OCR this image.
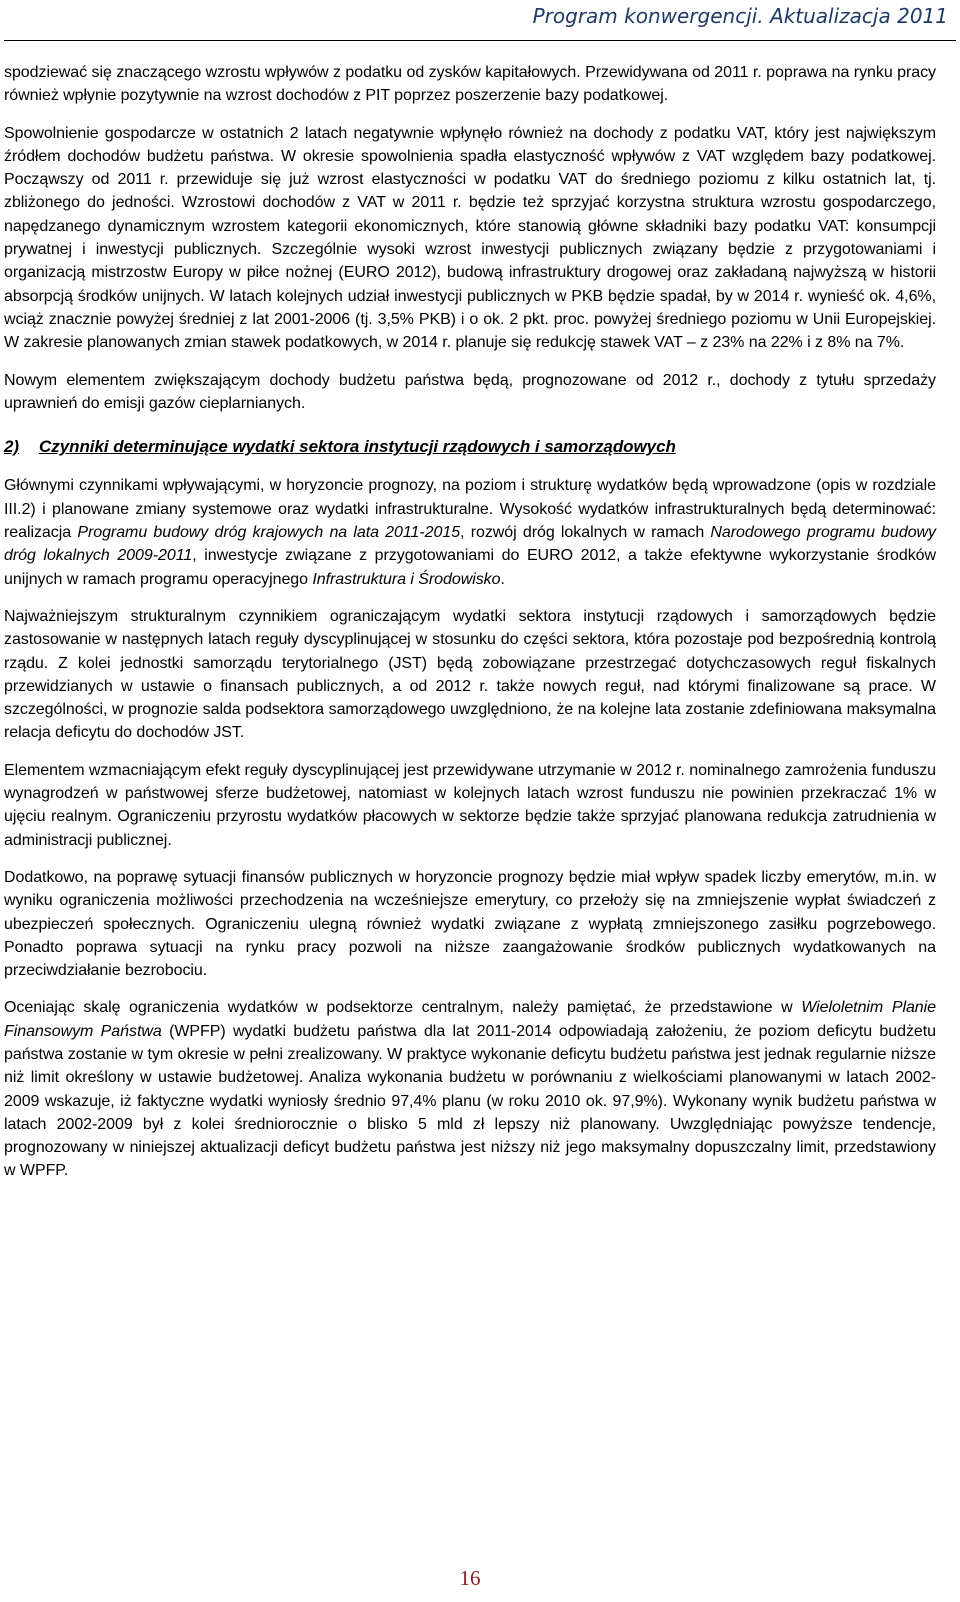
Program konwergencji. Aktualizacja 2011

spodziewać się znaczącego wzrostu wpływów z podatku od zysków kapitałowych. Przewidywana od 2011 r. poprawa na rynku pracy również wpłynie pozytywnie na wzrost dochodów z PIT poprzez poszerzenie bazy podatkowej.

Spowolnienie gospodarcze w ostatnich 2 latach negatywnie wpłynęło również na dochody z podatku VAT, który jest największym źródłem dochodów budżetu państwa. W okresie spowolnienia spadła elastyczność wpływów z VAT względem bazy podatkowej. Począwszy od 2011 r. przewiduje się już wzrost elastyczności w podatku VAT do średniego poziomu z kilku ostatnich lat, tj. zbliżonego do jedności. Wzrostowi dochodów z VAT w 2011 r. będzie też sprzyjać korzystna struktura wzrostu gospodarczego, napędzanego dynamicznym wzrostem kategorii ekonomicznych, które stanowią główne składniki bazy podatku VAT: konsumpcji prywatnej i inwestycji publicznych. Szczególnie wysoki wzrost inwestycji publicznych związany będzie z przygotowaniami i organizacją mistrzostw Europy w piłce nożnej (EURO 2012), budową infrastruktury drogowej oraz zakładaną najwyższą w historii absorpcją środków unijnych. W latach kolejnych udział inwestycji publicznych w PKB będzie spadał, by w 2014 r. wynieść ok. 4,6%, wciąż znacznie powyżej średniej z lat 2001-2006 (tj. 3,5% PKB) i o ok. 2 pkt. proc. powyżej średniego poziomu w Unii Europejskiej. W zakresie planowanych zmian stawek podatkowych, w 2014 r. planuje się redukcję stawek VAT – z 23% na 22% i z 8% na 7%.

Nowym elementem zwiększającym dochody budżetu państwa będą, prognozowane od 2012 r., dochody z tytułu sprzedaży uprawnień do emisji gazów cieplarnianych.

2) Czynniki determinujące wydatki sektora instytucji rządowych i samorządowych

Głównymi czynnikami wpływającymi, w horyzoncie prognozy, na poziom i strukturę wydatków będą wprowadzone (opis w rozdziale III.2) i planowane zmiany systemowe oraz wydatki infrastrukturalne. Wysokość wydatków infrastrukturalnych będą determinować: realizacja Programu budowy dróg krajowych na lata 2011-2015, rozwój dróg lokalnych w ramach Narodowego programu budowy dróg lokalnych 2009-2011, inwestycje związane z przygotowaniami do EURO 2012, a także efektywne wykorzystanie środków unijnych w ramach programu operacyjnego Infrastruktura i Środowisko.

Najważniejszym strukturalnym czynnikiem ograniczającym wydatki sektora instytucji rządowych i samorządowych będzie zastosowanie w następnych latach reguły dyscyplinującej w stosunku do części sektora, która pozostaje pod bezpośrednią kontrolą rządu. Z kolei jednostki samorządu terytorialnego (JST) będą zobowiązane przestrzegać dotychczasowych reguł fiskalnych przewidzianych w ustawie o finansach publicznych, a od 2012 r. także nowych reguł, nad którymi finalizowane są prace. W szczególności, w prognozie salda podsektora samorządowego uwzględniono, że na kolejne lata zostanie zdefiniowana maksymalna relacja deficytu do dochodów JST.

Elementem wzmacniającym efekt reguły dyscyplinującej jest przewidywane utrzymanie w 2012 r. nominalnego zamrożenia funduszu wynagrodzeń w państwowej sferze budżetowej, natomiast w kolejnych latach wzrost funduszu nie powinien przekraczać 1% w ujęciu realnym. Ograniczeniu przyrostu wydatków płacowych w sektorze będzie także sprzyjać planowana redukcja zatrudnienia w administracji publicznej.

Dodatkowo, na poprawę sytuacji finansów publicznych w horyzoncie prognozy będzie miał wpływ spadek liczby emerytów, m.in. w wyniku ograniczenia możliwości przechodzenia na wcześniejsze emerytury, co przełoży się na zmniejszenie wypłat świadczeń z ubezpieczeń społecznych. Ograniczeniu ulegną również wydatki związane z wypłatą zmniejszonego zasiłku pogrzebowego. Ponadto poprawa sytuacji na rynku pracy pozwoli na niższe zaangażowanie środków publicznych wydatkowanych na przeciwdziałanie bezrobociu.

Oceniając skalę ograniczenia wydatków w podsektorze centralnym, należy pamiętać, że przedstawione w Wieloletnim Planie Finansowym Państwa (WPFP) wydatki budżetu państwa dla lat 2011-2014 odpowiadają założeniu, że poziom deficytu budżetu państwa zostanie w tym okresie w pełni zrealizowany. W praktyce wykonanie deficytu budżetu państwa jest jednak regularnie niższe niż limit określony w ustawie budżetowej. Analiza wykonania budżetu w porównaniu z wielkościami planowanymi w latach 2002-2009 wskazuje, iż faktyczne wydatki wyniosły średnio 97,4% planu (w roku 2010 ok. 97,9%). Wykonany wynik budżetu państwa w latach 2002-2009 był z kolei średniorocznie o blisko 5 mld zł lepszy niż planowany. Uwzględniając powyższe tendencje, prognozowany w niniejszej aktualizacji deficyt budżetu państwa jest niższy niż jego maksymalny dopuszczalny limit, przedstawiony w WPFP.

16
